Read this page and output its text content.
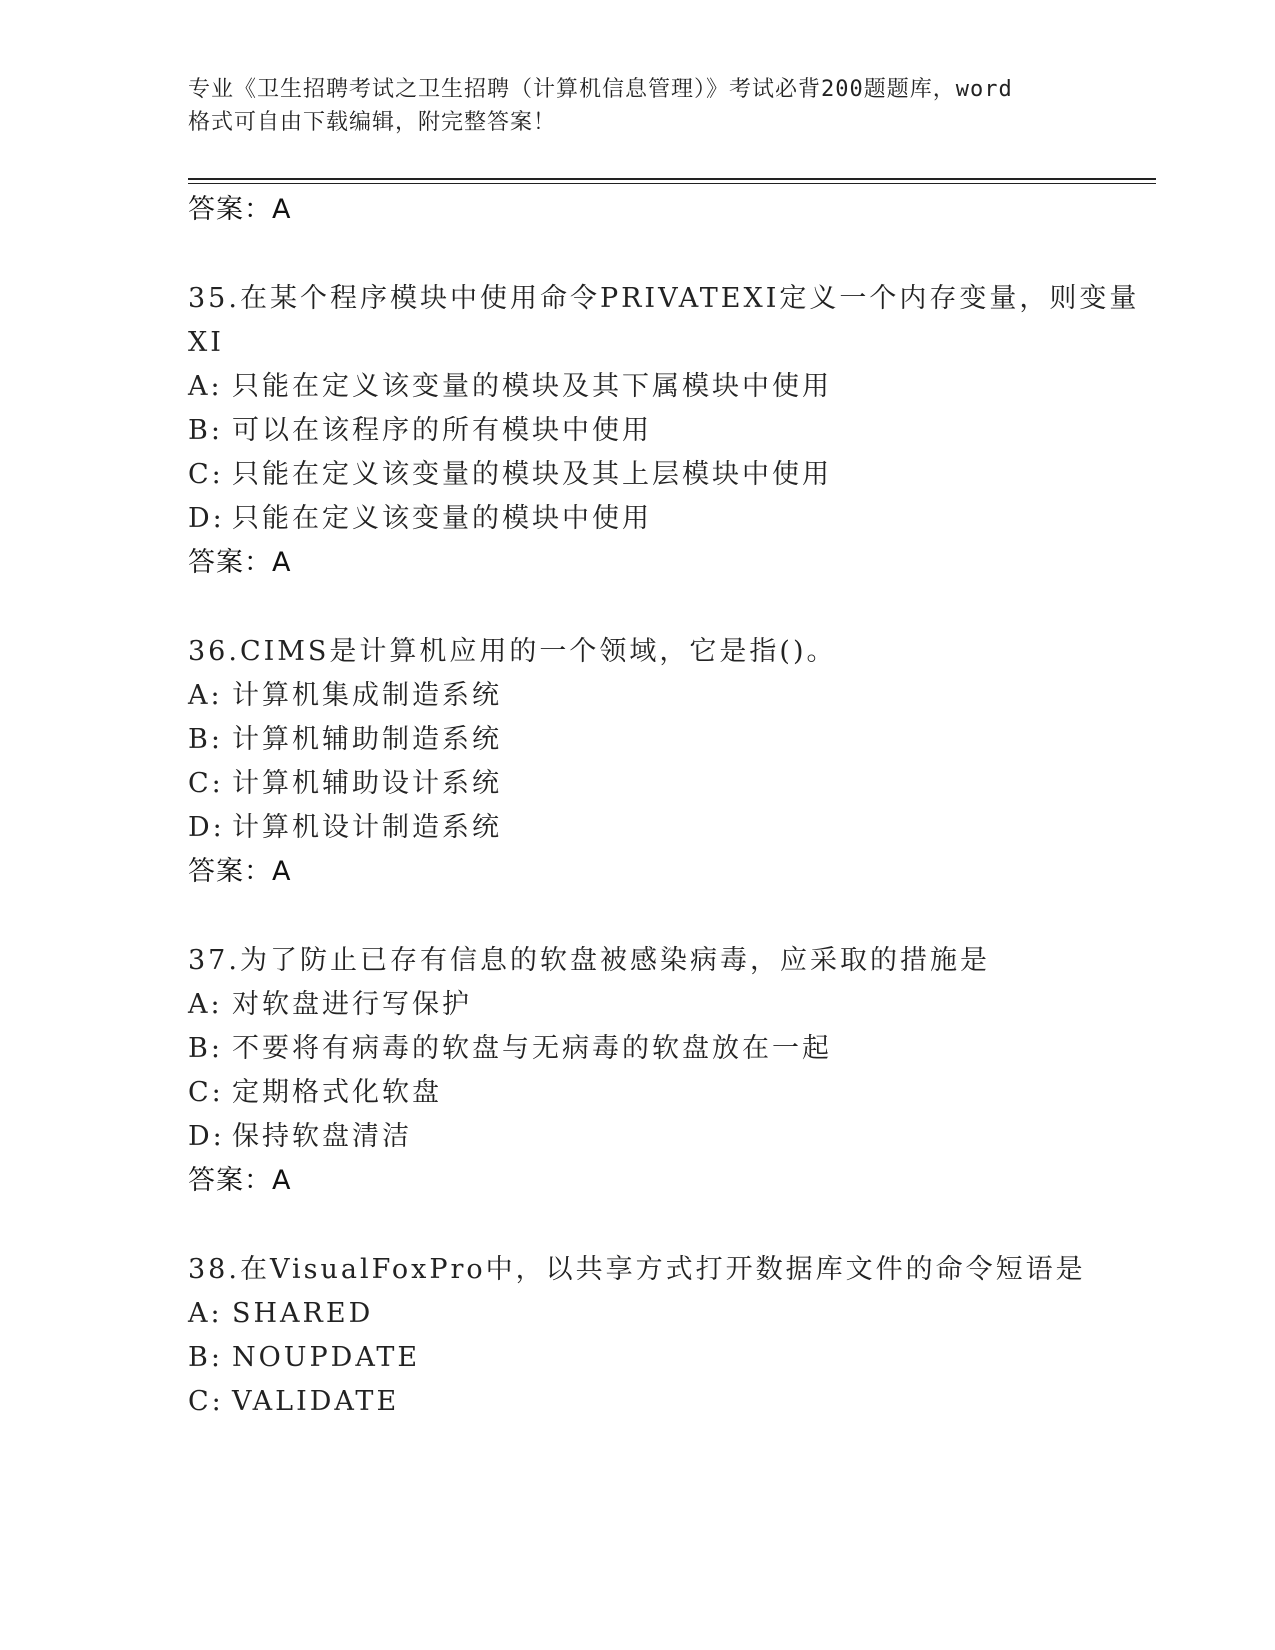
专业《卫生招聘考试之卫生招聘（计算机信息管理）》考试必背200题题库，word
格式可自由下载编辑，附完整答案！
答案：A
35.在某个程序模块中使用命令PRIVATEXI定义一个内存变量，则变量
XI
A: 只能在定义该变量的模块及其下属模块中使用
B: 可以在该程序的所有模块中使用
C: 只能在定义该变量的模块及其上层模块中使用
D: 只能在定义该变量的模块中使用
答案：A
36.CIMS是计算机应用的一个领域，它是指()。
A: 计算机集成制造系统
B: 计算机辅助制造系统
C: 计算机辅助设计系统
D: 计算机设计制造系统
答案：A
37.为了防止已存有信息的软盘被感染病毒，应采取的措施是
A: 对软盘进行写保护
B: 不要将有病毒的软盘与无病毒的软盘放在一起
C: 定期格式化软盘
D: 保持软盘清洁
答案：A
38.在VisualFoxPro中，以共享方式打开数据库文件的命令短语是
A: SHARED
B: NOUPDATE
C: VALIDATE
